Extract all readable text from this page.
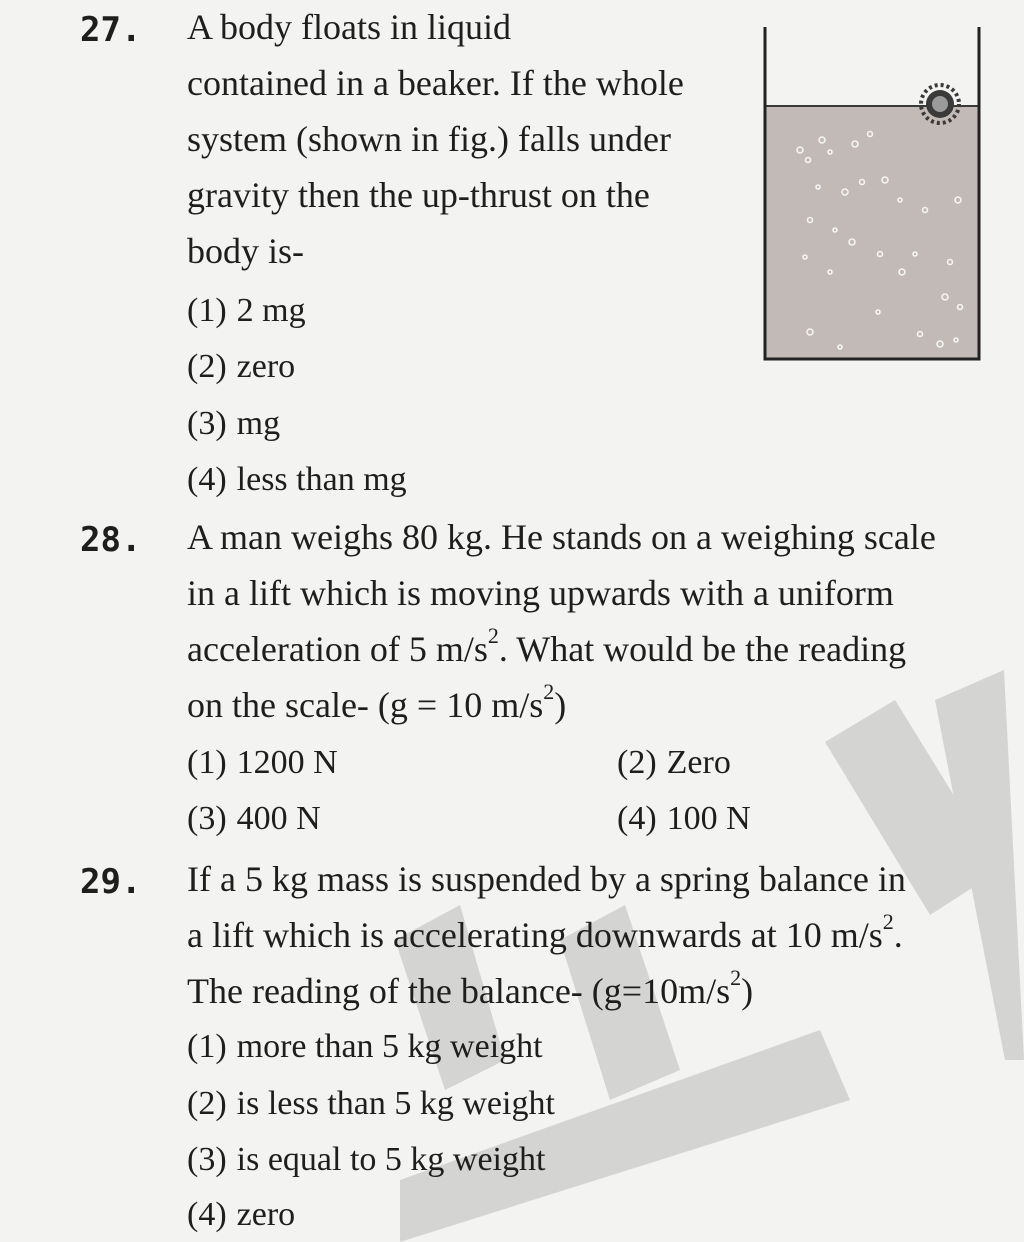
27. A body floats in liquid
contained in a beaker. If the whole
system (shown in fig.) falls under
gravity then the up-thrust on the
body is-
(1) 2 mg
(2) zero
(3) mg
(4) less than mg
28. A man weighs 80 kg. He stands on a weighing scale
in a lift which is moving upwards with a uniform
acceleration of 5 $m/s^2$. What would be the reading
on the scale- (g = 10 $m/s^2$)
(1) 1200 N	(2) Zero
(3) 400 N	(4) 100 N
29. If a 5 kg mass is suspended by a spring balance in
a lift which is accelerating downwards at 10 $m/s^2$.
The reading of the balance- $(g=10m/s^2)$
(1) more than 5 kg weight
(2) is less than 5 kg weight
(3) is equal to 5 kg weight
(4) zero
